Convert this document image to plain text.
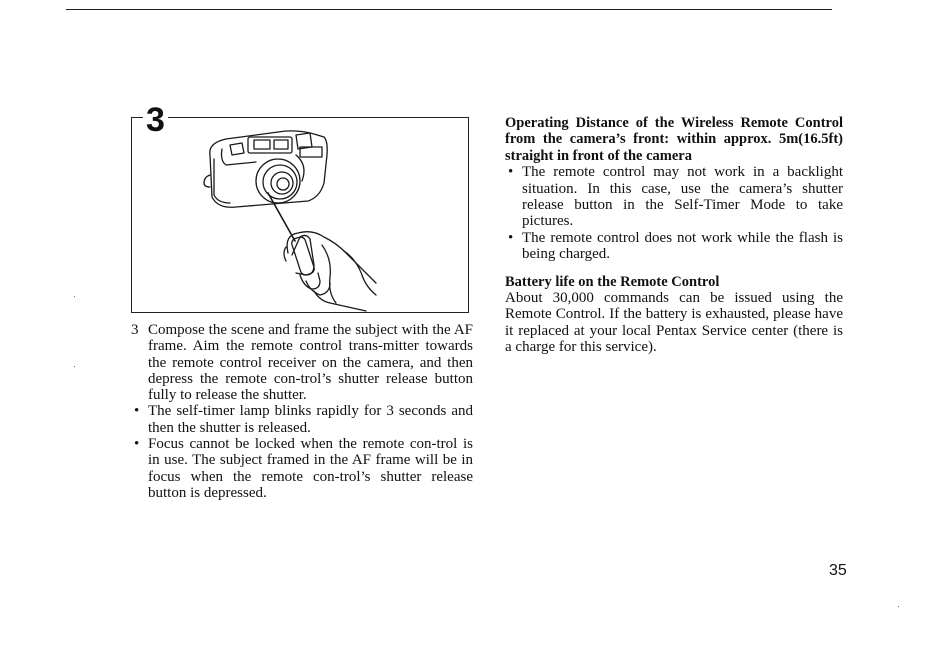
3
3 Compose the scene and frame the subject with the AF frame. Aim the remote control trans-mitter towards the remote control receiver on the camera, and then depress the remote con-trol’s shutter release button fully to release the shutter.
• The self-timer lamp blinks rapidly for 3 seconds and then the shutter is released.
• Focus cannot be locked when the remote con-trol is in use. The subject framed in the AF frame will be in focus when the remote con-trol’s shutter release button is depressed.
Operating Distance of the Wireless Remote Control from the camera’s front: within approx. 5m(16.5ft) straight in front of the camera
• The remote control may not work in a backlight situation. In this case, use the camera’s shutter release button in the Self-Timer Mode to take pictures.
• The remote control does not work while the flash is being charged.
Battery life on the Remote Control
About 30,000 commands can be issued using the Remote Control. If the battery is exhausted, please have it replaced at your local Pentax Service center (there is a charge for this service).
35
